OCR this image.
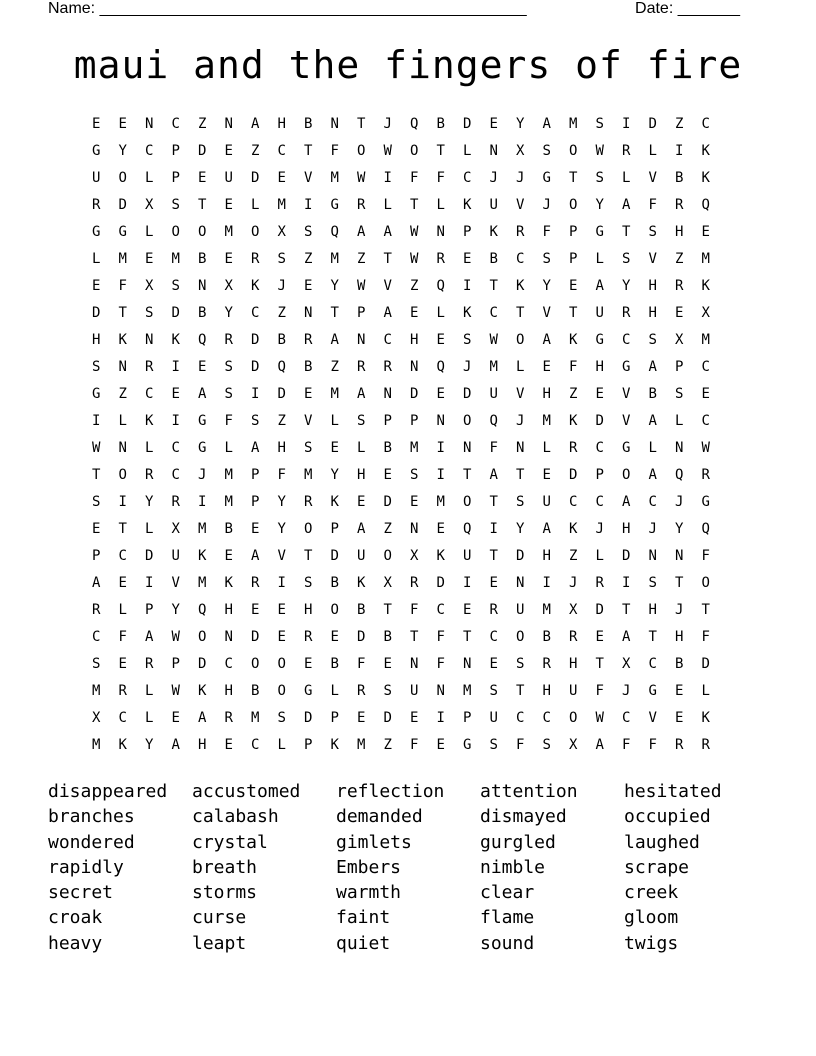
Name: ________________________________________________	Date: _______
maui and the fingers of fire
E	E	N	C	Z	N	A	H	B	N	T	J	Q	B	D	E	Y	A	M	S	I	D	Z	C
G	Y	C	P	D	E	Z	C	T	F	O	W	O	T	L	N	X	S	O	W	R	L	I	K
U	O	L	P	E	U	D	E	V	M	W	I	F	F	C	J	J	G	T	S	L	V	B	K
R	D	X	S	T	E	L	M	I	G	R	L	T	L	K	U	V	J	O	Y	A	F	R	Q
G	G	L	O	O	M	O	X	S	Q	A	A	W	N	P	K	R	F	P	G	T	S	H	E
L	M	E	M	B	E	R	S	Z	M	Z	T	W	R	E	B	C	S	P	L	S	V	Z	M
E	F	X	S	N	X	K	J	E	Y	W	V	Z	Q	I	T	K	Y	E	A	Y	H	R	K
D	T	S	D	B	Y	C	Z	N	T	P	A	E	L	K	C	T	V	T	U	R	H	E	X
H	K	N	K	Q	R	D	B	R	A	N	C	H	E	S	W	O	A	K	G	C	S	X	M
S	N	R	I	E	S	D	Q	B	Z	R	R	N	Q	J	M	L	E	F	H	G	A	P	C
G	Z	C	E	A	S	I	D	E	M	A	N	D	E	D	U	V	H	Z	E	V	B	S	E
I	L	K	I	G	F	S	Z	V	L	S	P	P	N	O	Q	J	M	K	D	V	A	L	C
W	N	L	C	G	L	A	H	S	E	L	B	M	I	N	F	N	L	R	C	G	L	N	W
T	O	R	C	J	M	P	F	M	Y	H	E	S	I	T	A	T	E	D	P	O	A	Q	R
S	I	Y	R	I	M	P	Y	R	K	E	D	E	M	O	T	S	U	C	C	A	C	J	G
E	T	L	X	M	B	E	Y	O	P	A	Z	N	E	Q	I	Y	A	K	J	H	J	Y	Q
P	C	D	U	K	E	A	V	T	D	U	O	X	K	U	T	D	H	Z	L	D	N	N	F
A	E	I	V	M	K	R	I	S	B	K	X	R	D	I	E	N	I	J	R	I	S	T	O
R	L	P	Y	Q	H	E	E	H	O	B	T	F	C	E	R	U	M	X	D	T	H	J	T
C	F	A	W	O	N	D	E	R	E	D	B	T	F	T	C	O	B	R	E	A	T	H	F
S	E	R	P	D	C	O	O	E	B	F	E	N	F	N	E	S	R	H	T	X	C	B	D
M	R	L	W	K	H	B	O	G	L	R	S	U	N	M	S	T	H	U	F	J	G	E	L
X	C	L	E	A	R	M	S	D	P	E	D	E	I	P	U	C	C	O	W	C	V	E	K
M	K	Y	A	H	E	C	L	P	K	M	Z	F	E	G	S	F	S	X	A	F	F	R	R
disappeared	accustomed	reflection	attention	hesitated
branches	calabash	demanded	dismayed	occupied
wondered	crystal	gimlets	gurgled	laughed
rapidly	breath	Embers	nimble	scrape
secret	storms	warmth	clear	creek
croak	curse	faint	flame	gloom
heavy	leapt	quiet	sound	twigs
